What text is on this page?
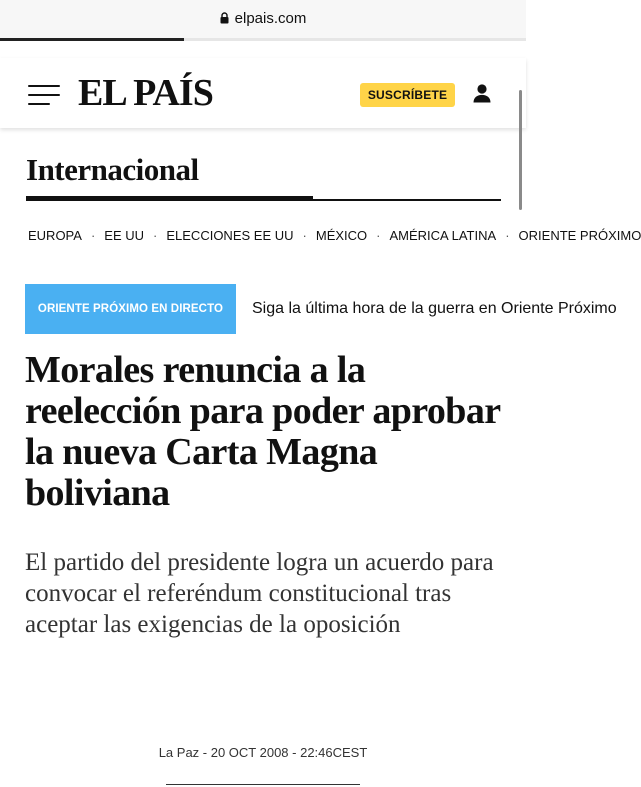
elpais.com
EL PAÍS	SUSCRÍBETE
Internacional
EUROPA · EE UU · ELECCIONES EE UU · MÉXICO · AMÉRICA LATINA · ORIENTE PRÓXIMO
ORIENTE PRÓXIMO EN DIRECTO	Siga la última hora de la guerra en Oriente Próximo
Morales renuncia a la reelección para poder aprobar la nueva Carta Magna boliviana

El partido del presidente logra un acuerdo para convocar el referéndum constitucional tras aceptar las exigencias de la oposición

La Paz - 20 OCT 2008 - 22:46CEST
